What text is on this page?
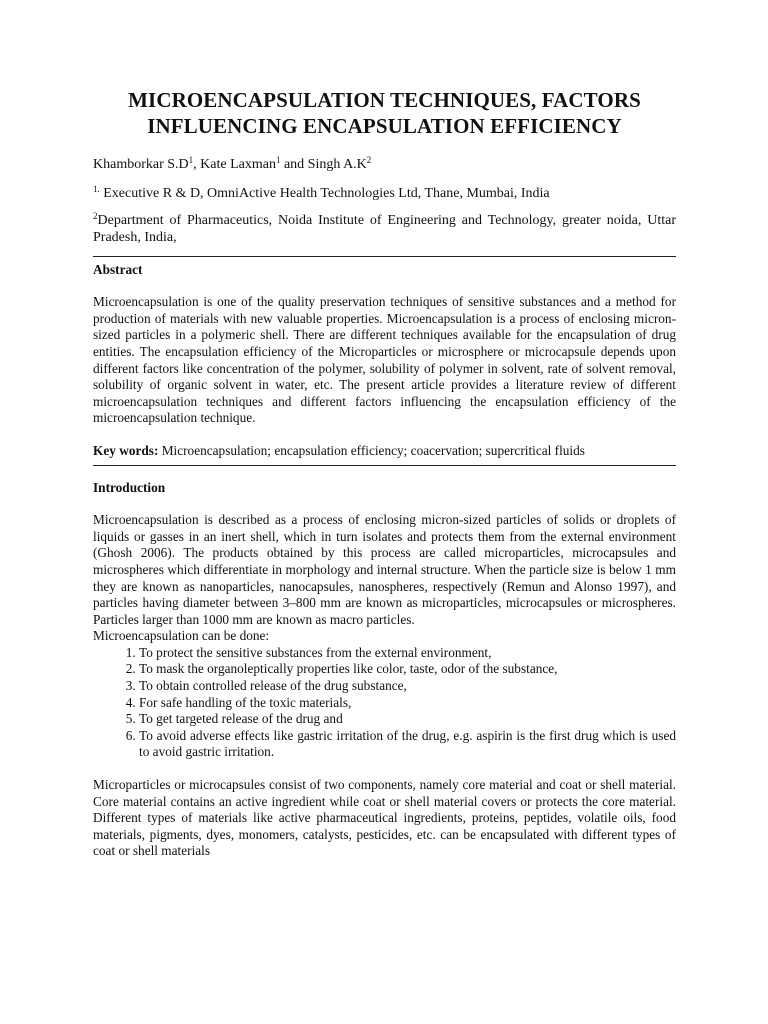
MICROENCAPSULATION TECHNIQUES, FACTORS
INFLUENCING ENCAPSULATION EFFICIENCY

Khamborkar $S.D^1$, Kate Laxman$^1$ and Singh $A.K^2$

$^{1.}$ Executive R & D, OmniActive Health Technologies Ltd, Thane, Mumbai, India

$^2$Department of Pharmaceutics, Noida Institute of Engineering and Technology, greater noida, Uttar Pradesh, India,

Abstract

Microencapsulation is one of the quality preservation techniques of sensitive substances and a method for production of materials with new valuable properties. Microencapsulation is a process of enclosing micron-sized particles in a polymeric shell. There are different techniques available for the encapsulation of drug entities. The encapsulation efficiency of the Microparticles or microsphere or microcapsule depends upon different factors like concentration of the polymer, solubility of polymer in solvent, rate of solvent removal, solubility of organic solvent in water, etc. The present article provides a literature review of different microencapsulation techniques and different factors influencing the encapsulation efficiency of the microencapsulation technique.

Key words: Microencapsulation; encapsulation efficiency; coacervation; supercritical fluids

Introduction

Microencapsulation is described as a process of enclosing micron-sized particles of solids or droplets of liquids or gasses in an inert shell, which in turn isolates and protects them from the external environment (Ghosh 2006). The products obtained by this process are called microparticles, microcapsules and microspheres which differentiate in morphology and internal structure. When the particle size is below 1 mm they are known as nanoparticles, nanocapsules, nanospheres, respectively (Remun and Alonso 1997), and particles having diameter between 3–800 mm are known as microparticles, microcapsules or microspheres. Particles larger than 1000 mm are known as macro particles.

Microencapsulation can be done:

1. To protect the sensitive substances from the external environment,
2. To mask the organoleptically properties like color, taste, odor of the substance,
3. To obtain controlled release of the drug substance,
4. For safe handling of the toxic materials,
5. To get targeted release of the drug and
6. To avoid adverse effects like gastric irritation of the drug, e.g. aspirin is the first drug which is used to avoid gastric irritation.

Microparticles or microcapsules consist of two components, namely core material and coat or shell material. Core material contains an active ingredient while coat or shell material covers or protects the core material. Different types of materials like active pharmaceutical ingredients, proteins, peptides, volatile oils, food materials, pigments, dyes, monomers, catalysts, pesticides, etc. can be encapsulated with different types of coat or shell materials
